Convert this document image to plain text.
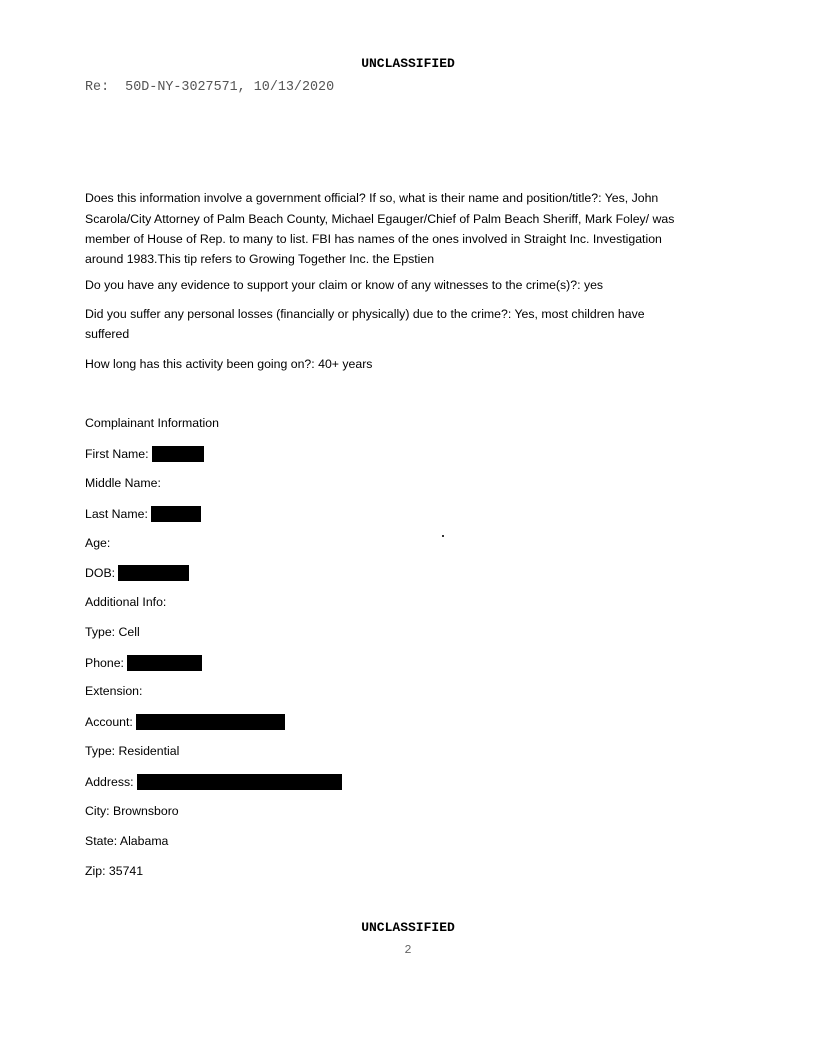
UNCLASSIFIED
Re:  50D-NY-3027571, 10/13/2020
Does this information involve a government official? If so, what is their name and position/title?: Yes, John
Scarola/City Attorney of Palm Beach County, Michael Egauger/Chief of Palm Beach Sheriff, Mark Foley/ was
member of House of Rep. to many to list. FBI has names of the ones involved in Straight Inc. Investigation
around 1983.This tip refers to Growing Together Inc. the Epstien
Do you have any evidence to support your claim or know of any witnesses to the crime(s)?: yes
Did you suffer any personal losses (financially or physically) due to the crime?: Yes, most children have
suffered
How long has this activity been going on?: 40+ years
Complainant Information
First Name:
Middle Name:
Last Name:
Age:
DOB:
Additional Info:
Type: Cell
Phone:
Extension:
Account:
Type: Residential
Address:
City: Brownsboro
State: Alabama
Zip: 35741
UNCLASSIFIED
2
